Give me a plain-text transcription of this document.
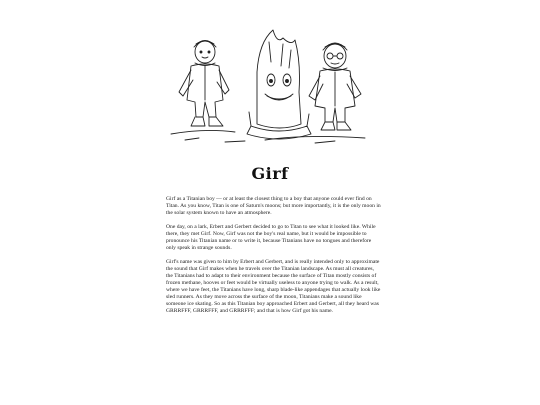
Girf

Girf as a Titanian boy — or at least the closest thing to a boy that anyone could ever find on Titan. As you know, Titan is one of Saturn's moons; but more importantly, it is the only moon in the solar system known to have an atmosphere.

One day, on a lark, Erbert and Gerbert decided to go to Titan to see what it looked like. While there, they met Girf. Now, Girf was not the boy's real name, but it would be impossible to pronounce his Titanian name or to write it, because Titanians have no tongues and therefore only speak in strange sounds.

Girf's name was given to him by Erbert and Gerbert, and is really intended only to approximate the sound that Girf makes when he travels over the Titanian landscape. As must all creatures, the Titanians had to adapt to their environment because the surface of Titan mostly consists of frozen methane, hooves or feet would be virtually useless to anyone trying to walk. As a result, where we have feet, the Titanians have long, sharp blade-like appendages that actually look like sled runners. As they move across the surface of the moon, Titanians make a sound like someone ice skating. So as this Titanian boy approached Erbert and Gerbert, all they heard was GRRRFFF, GRRRFFF, and GRRRFFF; and that is how Girf got his name.
